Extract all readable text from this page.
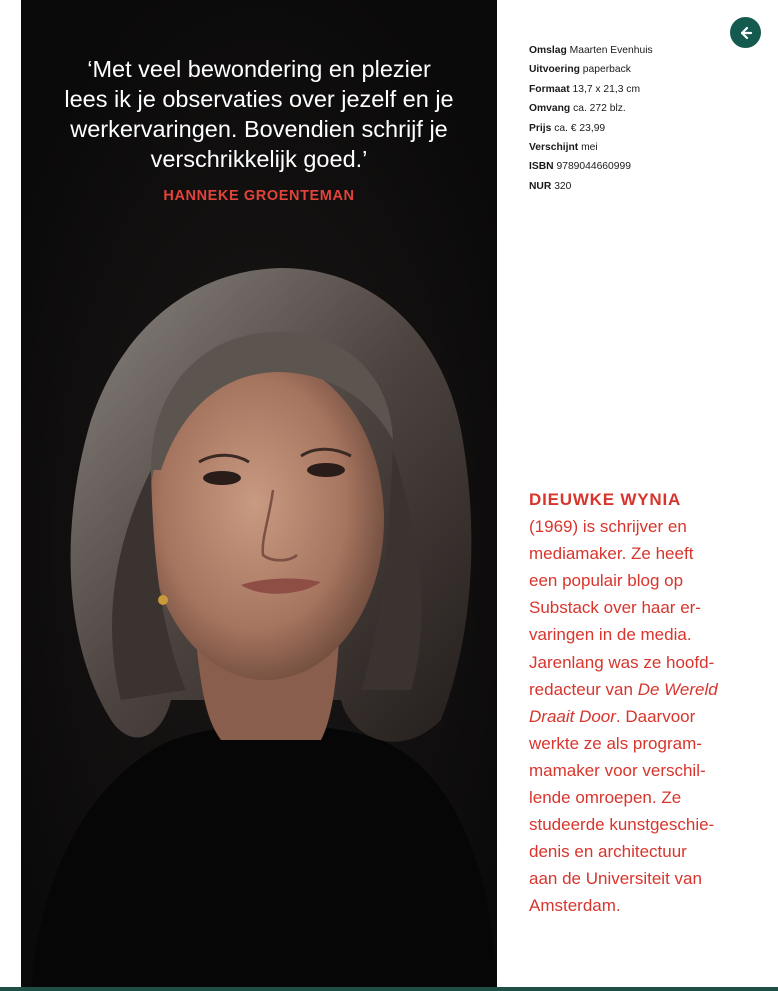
‘Met veel bewondering en plezier
lees ik je observaties over jezelf en je
werkervaringen. Bovendien schrijf je
verschrikkelijk goed.’
HANNEKE GROENTEMAN
Omslag Maarten Evenhuis
Uitvoering paperback
Formaat 13,7 x 21,3 cm
Omvang ca. 272 blz.
Prijs ca. € 23,99
Verschijnt mei
ISBN 9789044660999
NUR 320
DIEUWKE WYNIA
(1969) is schrijver en
mediamaker. Ze heeft
een populair blog op
Substack over haar er-
varingen in de media.
Jarenlang was ze hoofd-
redacteur van De Wereld
Draait Door. Daarvoor
werkte ze als program-
mamaker voor verschil-
lende omroepen. Ze
studeerde kunstgeschie-
denis en architectuur
aan de Universiteit van
Amsterdam.
